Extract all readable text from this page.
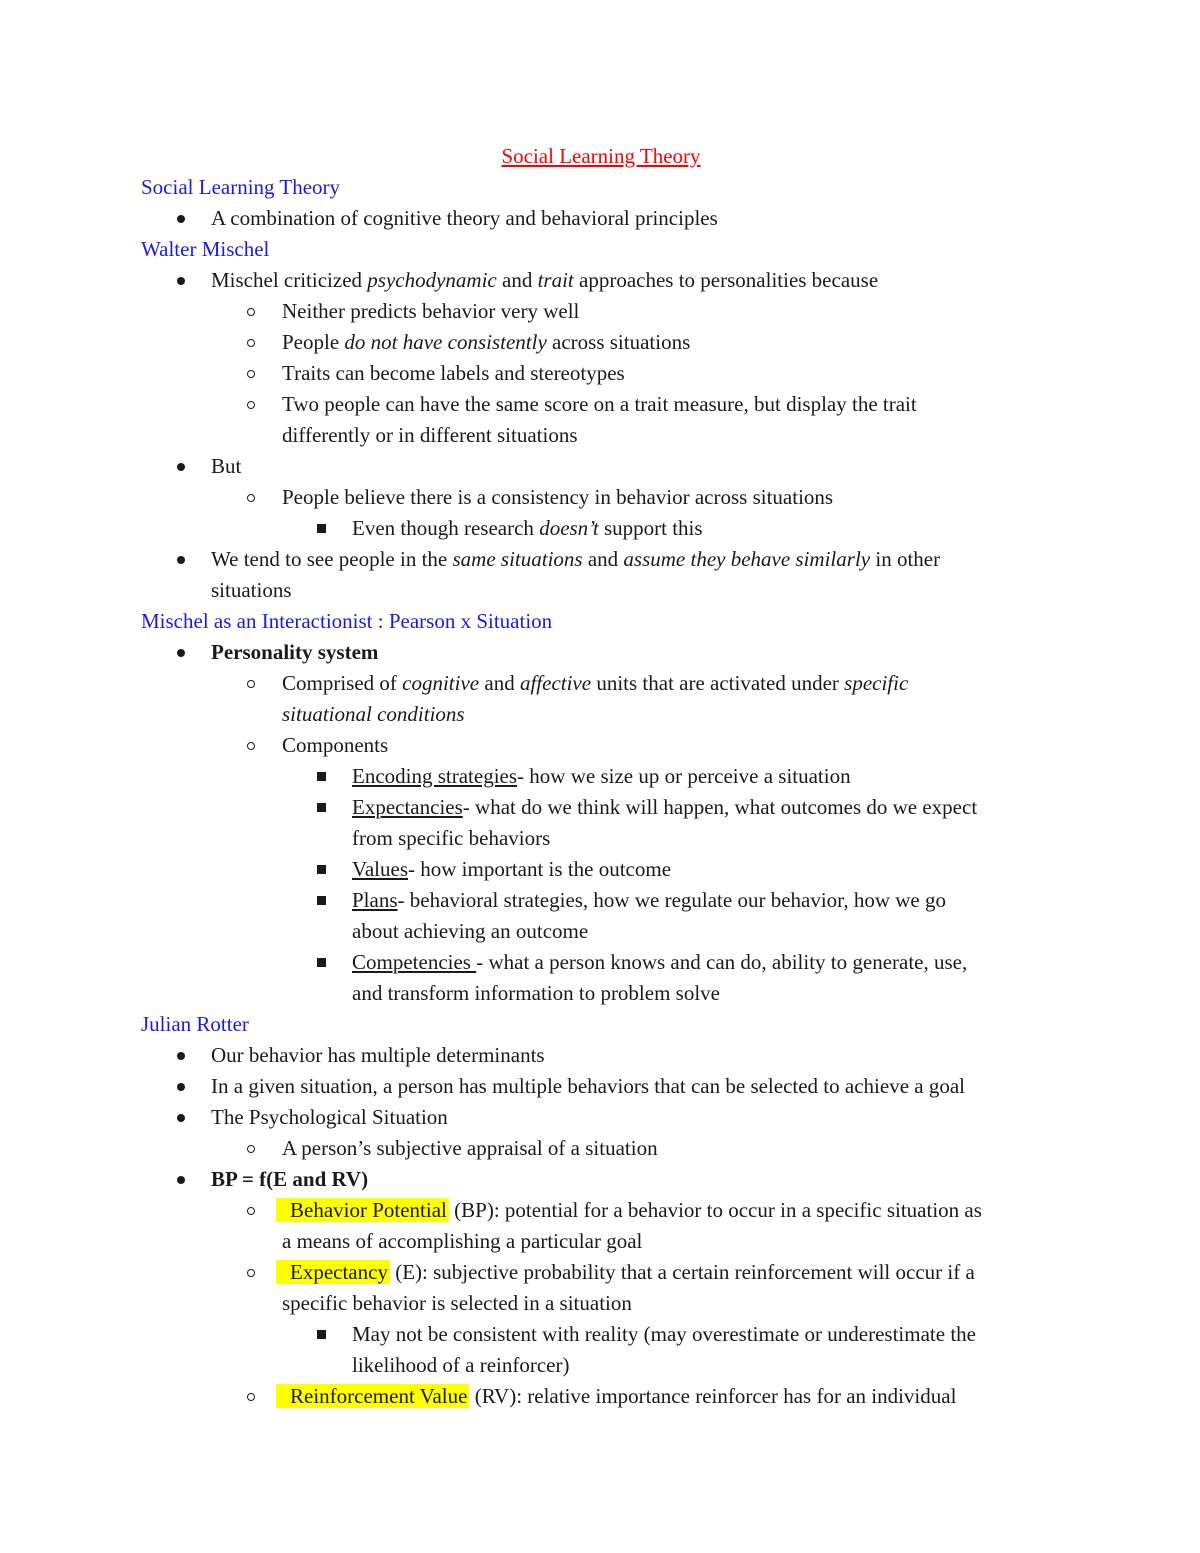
Social Learning Theory
Social Learning Theory
A combination of cognitive theory and behavioral principles
Walter Mischel
Mischel criticized psychodynamic and trait approaches to personalities because
Neither predicts behavior very well
People do not have consistently across situations
Traits can become labels and stereotypes
Two people can have the same score on a trait measure, but display the trait
differently or in different situations
But
People believe there is a consistency in behavior across situations
Even though research doesn’t support this
We tend to see people in the same situations and assume they behave similarly in other
situations
Mischel as an Interactionist : Pearson x Situation
Personality system
Comprised of cognitive and affective units that are activated under specific
situational conditions
Components
Encoding strategies- how we size up or perceive a situation
Expectancies- what do we think will happen, what outcomes do we expect
from specific behaviors
Values- how important is the outcome
Plans- behavioral strategies, how we regulate our behavior, how we go
about achieving an outcome
Competencies - what a person knows and can do, ability to generate, use,
and transform information to problem solve
Julian Rotter
Our behavior has multiple determinants
In a given situation, a person has multiple behaviors that can be selected to achieve a goal
The Psychological Situation
A person’s subjective appraisal of a situation
BP = f(E and RV)
Behavior Potential (BP): potential for a behavior to occur in a specific situation as
a means of accomplishing a particular goal
Expectancy (E): subjective probability that a certain reinforcement will occur if a
specific behavior is selected in a situation
May not be consistent with reality (may overestimate or underestimate the
likelihood of a reinforcer)
Reinforcement Value (RV): relative importance reinforcer has for an individual
